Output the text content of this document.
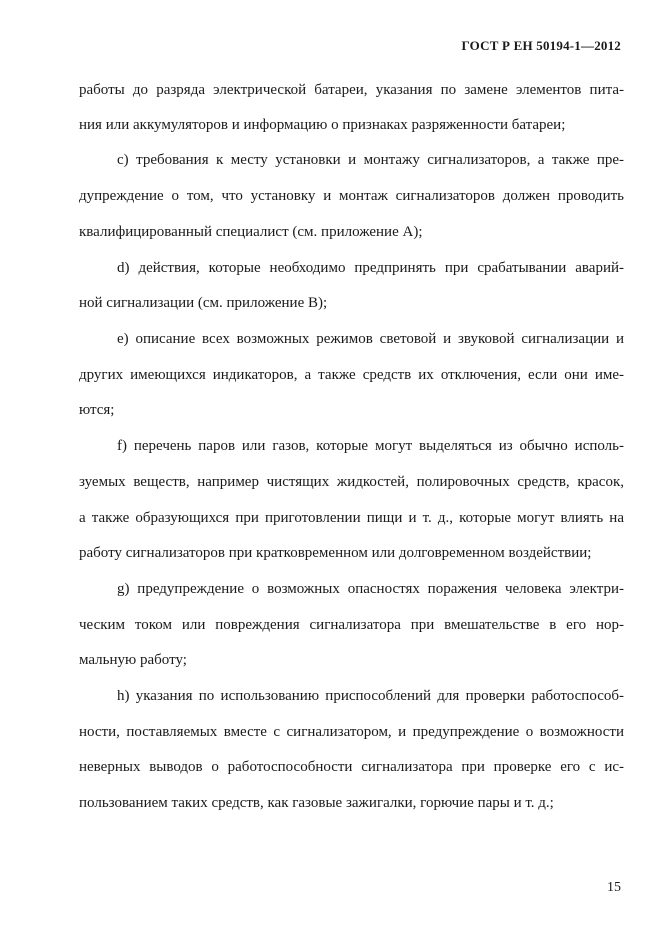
ГОСТ Р ЕН 50194-1—2012
работы до разряда электрической батареи, указания по замене элементов пита-
ния или аккумуляторов и информацию о признаках разряженности батареи;
c) требования к месту установки и монтажу сигнализаторов, а также пре-
дупреждение о том, что установку и монтаж сигнализаторов должен проводить
квалифицированный специалист (см. приложение A);
d) действия, которые необходимо предпринять при срабатывании аварий-
ной сигнализации (см. приложение B);
e) описание всех возможных режимов световой и звуковой сигнализации и
других имеющихся индикаторов, а также средств их отключения, если они име-
ются;
f) перечень паров или газов, которые могут выделяться из обычно исполь-
зуемых веществ, например чистящих жидкостей, полировочных средств, красок,
а также образующихся при приготовлении пищи и т. д., которые могут влиять на
работу сигнализаторов при кратковременном или долговременном воздействии;
g) предупреждение о возможных опасностях поражения человека электри-
ческим током или повреждения сигнализатора при вмешательстве в его нор-
мальную работу;
h) указания по использованию приспособлений для проверки работоспособ-
ности, поставляемых вместе с сигнализатором, и предупреждение о возможности
неверных выводов о работоспособности сигнализатора при проверке его с ис-
пользованием таких средств, как газовые зажигалки, горючие пары и т. д.;
15
